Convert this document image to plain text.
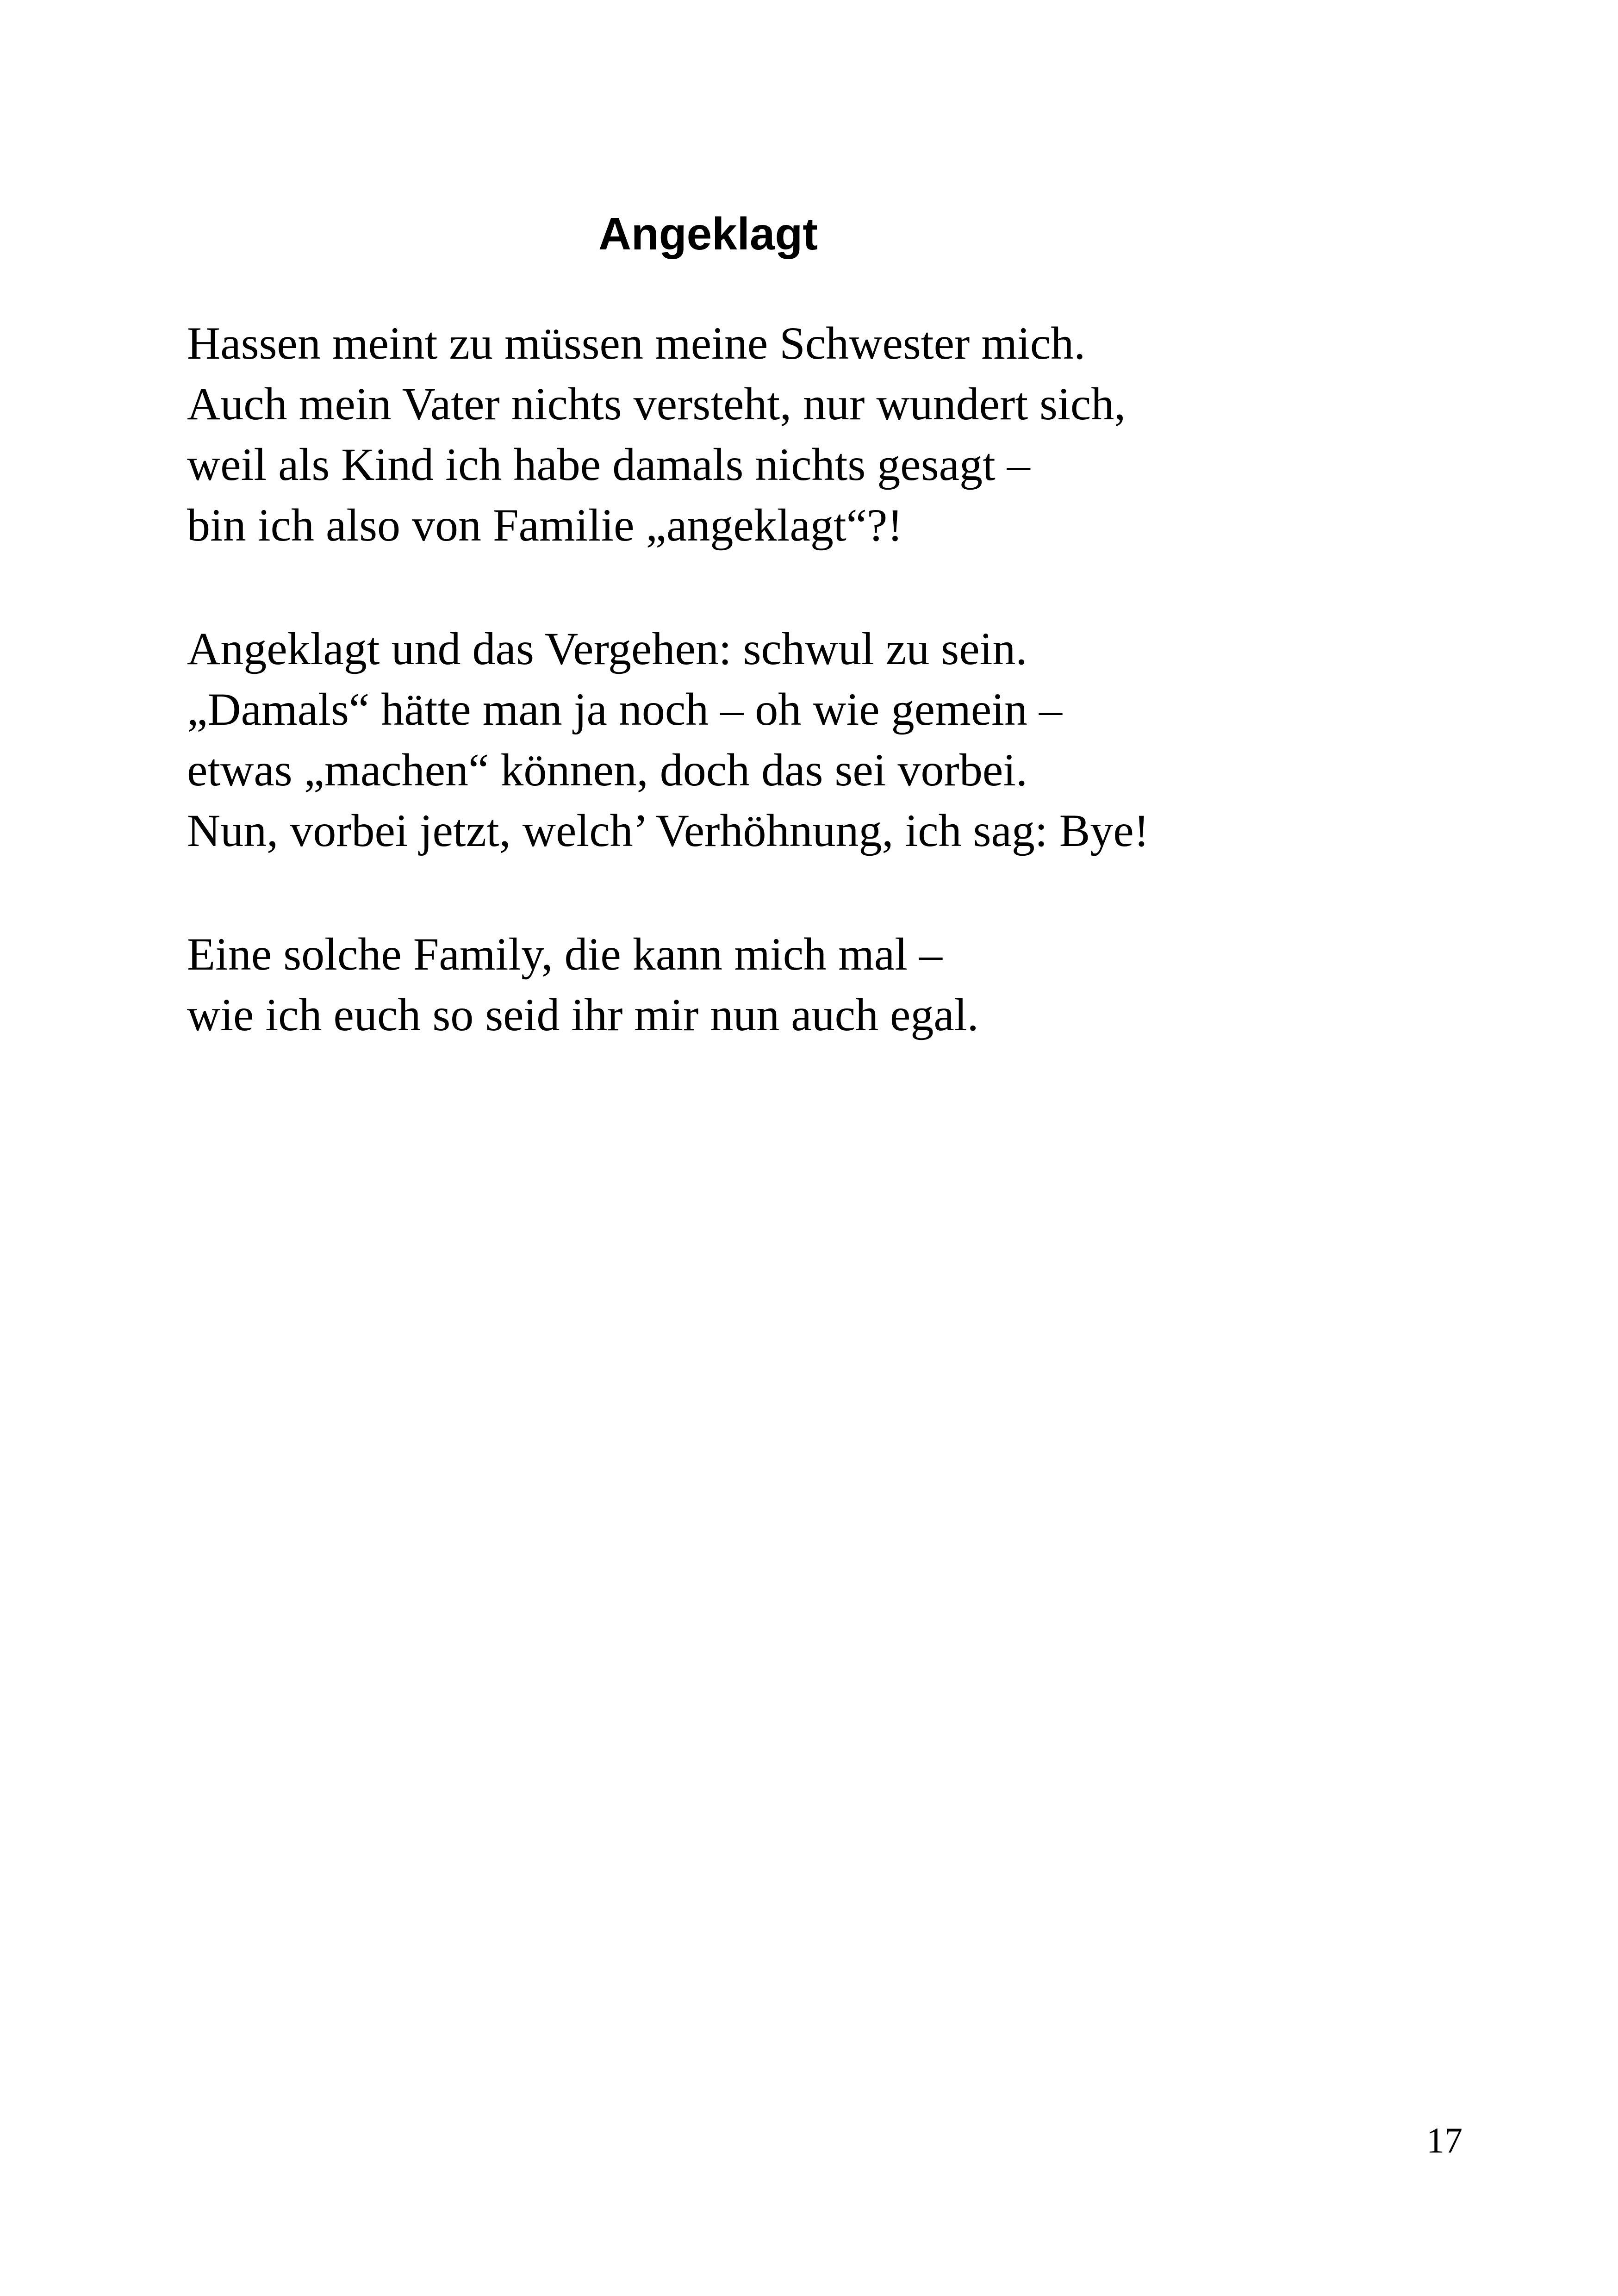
Angeklagt
Hassen meint zu müssen meine Schwester mich.
Auch mein Vater nichts versteht, nur wundert sich,
weil als Kind ich habe damals nichts gesagt –
bin ich also von Familie „angeklagt“?!
Angeklagt und das Vergehen: schwul zu sein.
„Damals“ hätte man ja noch – oh wie gemein –
etwas „machen“ können, doch das sei vorbei.
Nun, vorbei jetzt, welch’ Verhöhnung, ich sag: Bye!
Eine solche Family, die kann mich mal –
wie ich euch so seid ihr mir nun auch egal.
17
